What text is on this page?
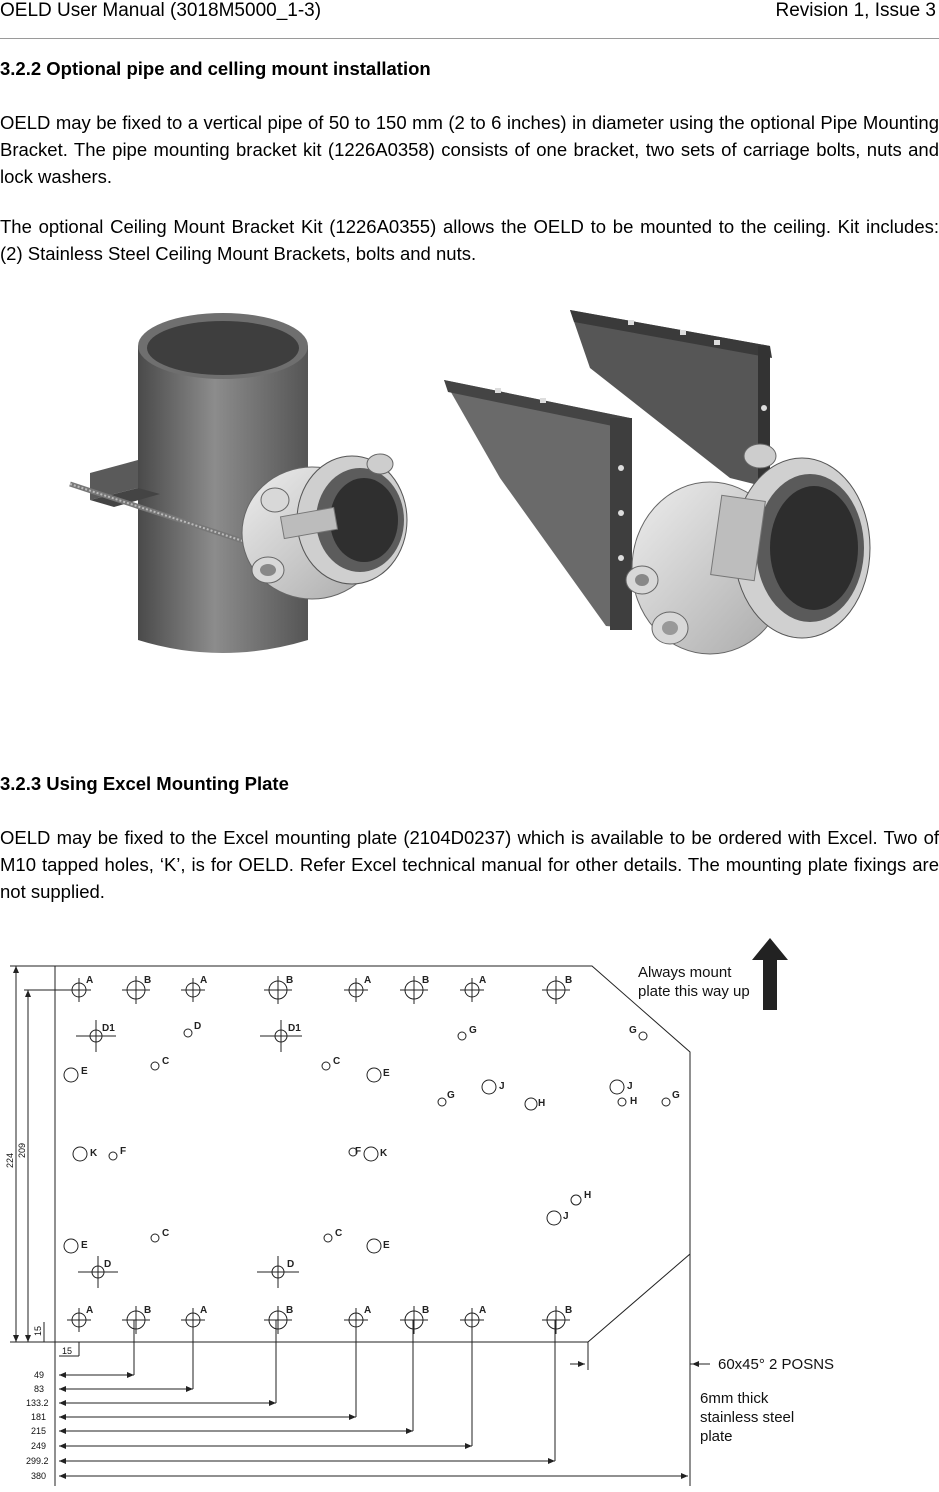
OELD User Manual (3018M5000_1-3)	Revision 1, Issue 3
3.2.2 Optional pipe and celling mount installation

OELD may be fixed to a vertical pipe of 50 to 150 mm (2 to 6 inches) in diameter using the optional Pipe Mounting Bracket. The pipe mounting bracket kit (1226A0358) consists of one bracket, two sets of carriage bolts, nuts and lock washers.

The optional Ceiling Mount Bracket Kit (1226A0355) allows the OELD to be mounted to the ceiling. Kit includes: (2) Stainless Steel Ceiling Mount Brackets, bolts and nuts.

3.2.3 Using Excel Mounting Plate

OELD may be fixed to the Excel mounting plate (2104D0237) which is available to be ordered with Excel. Two of M10 tapped holes, ‘K’, is for OELD. Refer Excel technical manual for other details. The mounting plate fixings are not supplied.

A	B	A	B	A	B	A	B
D1	D	D1	G	G
E
C	C
E
G
J
H
J
H
G
K F	F K
H
J
E
C	C
E
D	D
A	B	A	B	A	B	A	B
224
209
15
15
49
83
133.2
181
215
249
299.2
380
Always mount
plate this way up
60x45° 2 POSNS
6mm thick
stainless steel
plate
